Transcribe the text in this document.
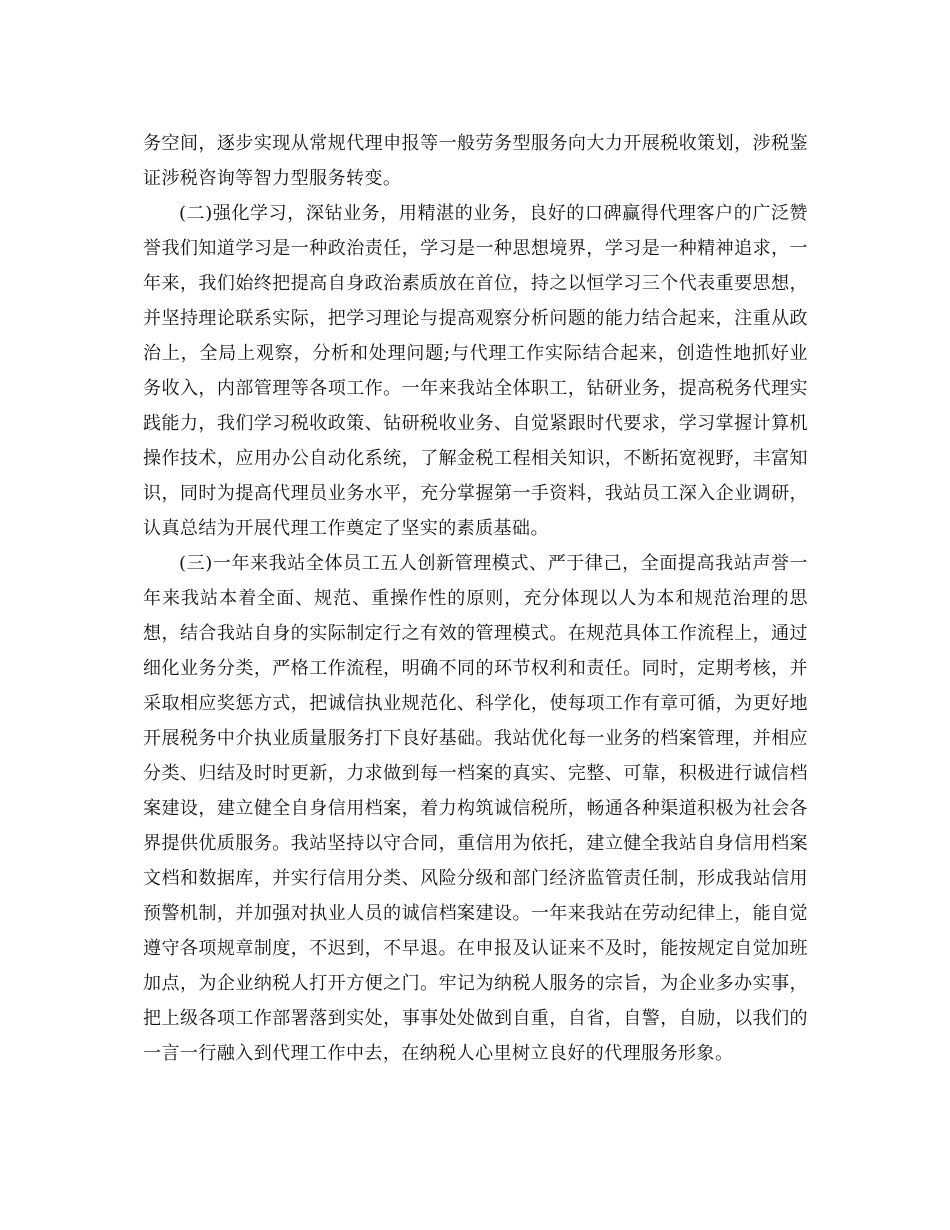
务空间，逐步实现从常规代理申报等一般劳务型服务向大力开展税收策划，涉税鉴证涉税咨询等智力型服务转变。

(二)强化学习，深钻业务，用精湛的业务，良好的口碑赢得代理客户的广泛赞誉我们知道学习是一种政治责任，学习是一种思想境界，学习是一种精神追求，一年来，我们始终把提高自身政治素质放在首位，持之以恒学习三个代表重要思想，并坚持理论联系实际，把学习理论与提高观察分析问题的能力结合起来，注重从政治上，全局上观察，分析和处理问题;与代理工作实际结合起来，创造性地抓好业务收入，内部管理等各项工作。一年来我站全体职工，钻研业务，提高税务代理实践能力，我们学习税收政策、钻研税收业务、自觉紧跟时代要求，学习掌握计算机操作技术，应用办公自动化系统，了解金税工程相关知识，不断拓宽视野，丰富知识，同时为提高代理员业务水平，充分掌握第一手资料，我站员工深入企业调研，认真总结为开展代理工作奠定了坚实的素质基础。

(三)一年来我站全体员工五人创新管理模式、严于律己，全面提高我站声誉一年来我站本着全面、规范、重操作性的原则，充分体现以人为本和规范治理的思想，结合我站自身的实际制定行之有效的管理模式。在规范具体工作流程上，通过细化业务分类，严格工作流程，明确不同的环节权利和责任。同时，定期考核，并采取相应奖惩方式，把诚信执业规范化、科学化，使每项工作有章可循，为更好地开展税务中介执业质量服务打下良好基础。我站优化每一业务的档案管理，并相应分类、归结及时时更新，力求做到每一档案的真实、完整、可靠，积极进行诚信档案建设，建立健全自身信用档案，着力构筑诚信税所，畅通各种渠道积极为社会各界提供优质服务。我站坚持以守合同，重信用为依托，建立健全我站自身信用档案文档和数据库，并实行信用分类、风险分级和部门经济监管责任制，形成我站信用预警机制，并加强对执业人员的诚信档案建设。一年来我站在劳动纪律上，能自觉遵守各项规章制度，不迟到，不早退。在申报及认证来不及时，能按规定自觉加班加点，为企业纳税人打开方便之门。牢记为纳税人服务的宗旨，为企业多办实事，把上级各项工作部署落到实处，事事处处做到自重，自省，自警，自励，以我们的一言一行融入到代理工作中去，在纳税人心里树立良好的代理服务形象。
